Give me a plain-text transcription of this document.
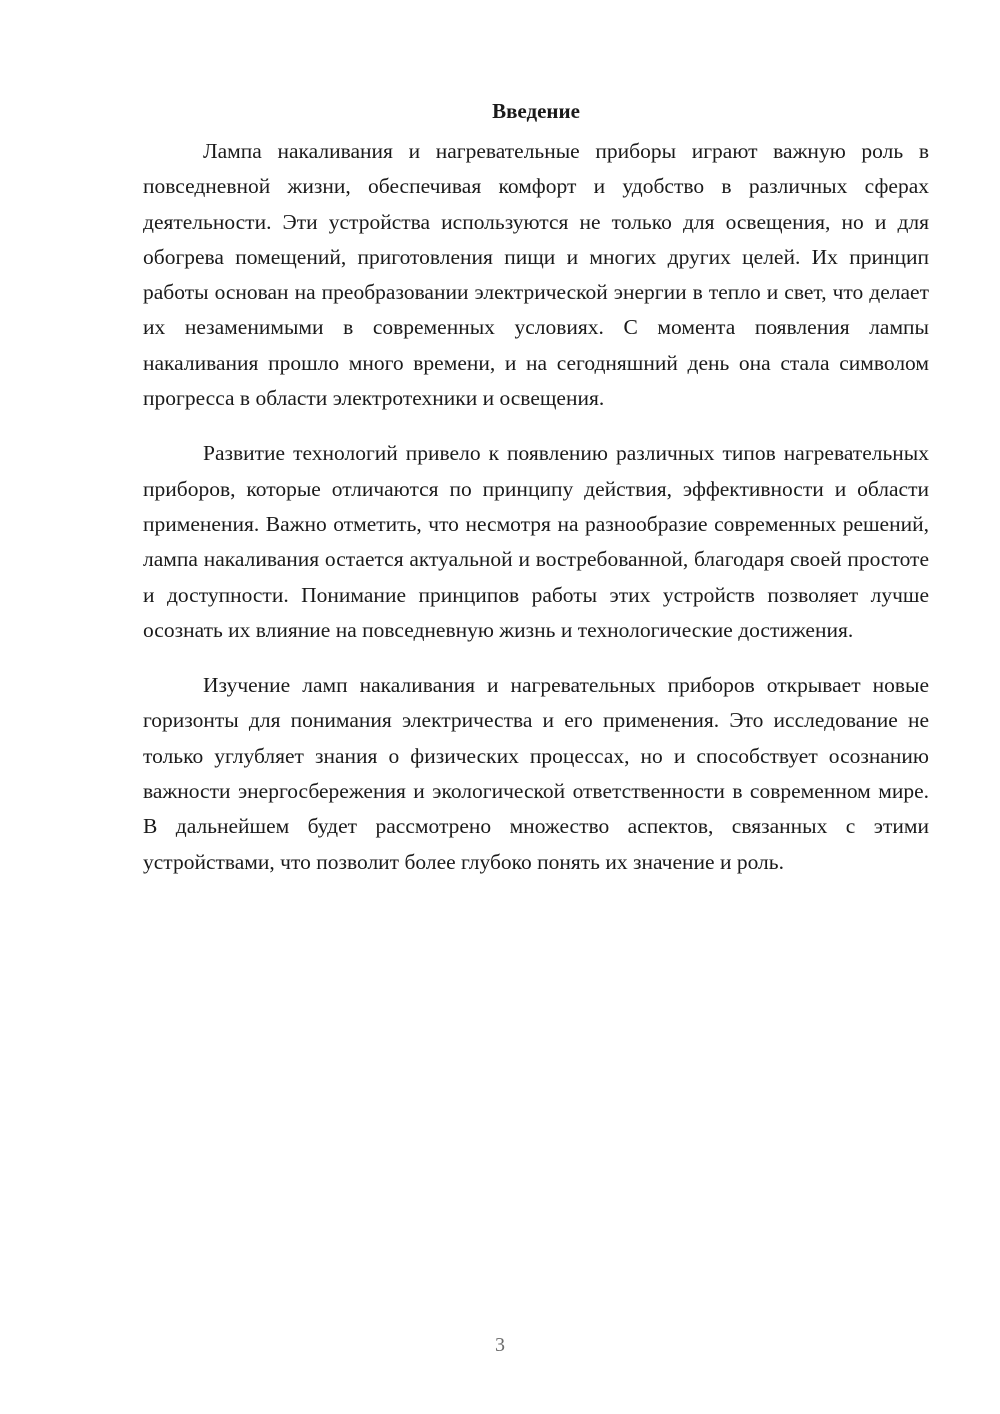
Введение

Лампа накаливания и нагревательные приборы играют важную роль в повседневной жизни, обеспечивая комфорт и удобство в различных сферах деятельности. Эти устройства используются не только для освещения, но и для обогрева помещений, приготовления пищи и многих других целей. Их принцип работы основан на преобразовании электрической энергии в тепло и свет, что делает их незаменимыми в современных условиях. С момента появления лампы накаливания прошло много времени, и на сегодняшний день она стала символом прогресса в области электротехники и освещения.

Развитие технологий привело к появлению различных типов нагревательных приборов, которые отличаются по принципу действия, эффективности и области применения. Важно отметить, что несмотря на разнообразие современных решений, лампа накаливания остается актуальной и востребованной, благодаря своей простоте и доступности. Понимание принципов работы этих устройств позволяет лучше осознать их влияние на повседневную жизнь и технологические достижения.

Изучение ламп накаливания и нагревательных приборов открывает новые горизонты для понимания электричества и его применения. Это исследование не только углубляет знания о физических процессах, но и способствует осознанию важности энергосбережения и экологической ответственности в современном мире. В дальнейшем будет рассмотрено множество аспектов, связанных с этими устройствами, что позволит более глубоко понять их значение и роль.

3
